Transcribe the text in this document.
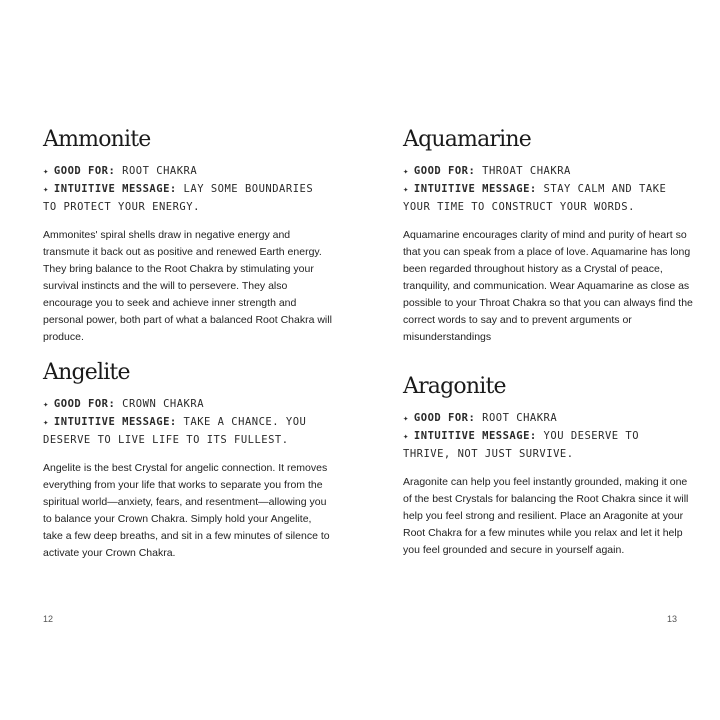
Ammonite
✦ GOOD FOR: ROOT CHAKRA
✦ INTUITIVE MESSAGE: LAY SOME BOUNDARIES TO PROTECT YOUR ENERGY.
Ammonites' spiral shells draw in negative energy and transmute it back out as positive and renewed Earth energy. They bring balance to the Root Chakra by stimulating your survival instincts and the will to persevere. They also encourage you to seek and achieve inner strength and personal power, both part of what a balanced Root Chakra will produce.
Angelite
✦ GOOD FOR: CROWN CHAKRA
✦ INTUITIVE MESSAGE: TAKE A CHANCE. YOU DESERVE TO LIVE LIFE TO ITS FULLEST.
Angelite is the best Crystal for angelic connection. It removes everything from your life that works to separate you from the spiritual world—anxiety, fears, and resentment—allowing you to balance your Crown Chakra. Simply hold your Angelite, take a few deep breaths, and sit in a few minutes of silence to activate your Crown Chakra.
12
Aquamarine
✦ GOOD FOR: THROAT CHAKRA
✦ INTUITIVE MESSAGE: STAY CALM AND TAKE YOUR TIME TO CONSTRUCT YOUR WORDS.
Aquamarine encourages clarity of mind and purity of heart so that you can speak from a place of love. Aquamarine has long been regarded throughout history as a Crystal of peace, tranquility, and communication. Wear Aquamarine as close as possible to your Throat Chakra so that you can always find the correct words to say and to prevent arguments or misunderstandings
Aragonite
✦ GOOD FOR: ROOT CHAKRA
✦ INTUITIVE MESSAGE: YOU DESERVE TO THRIVE, NOT JUST SURVIVE.
Aragonite can help you feel instantly grounded, making it one of the best Crystals for balancing the Root Chakra since it will help you feel strong and resilient. Place an Aragonite at your Root Chakra for a few minutes while you relax and let it help you feel grounded and secure in yourself again.
13
